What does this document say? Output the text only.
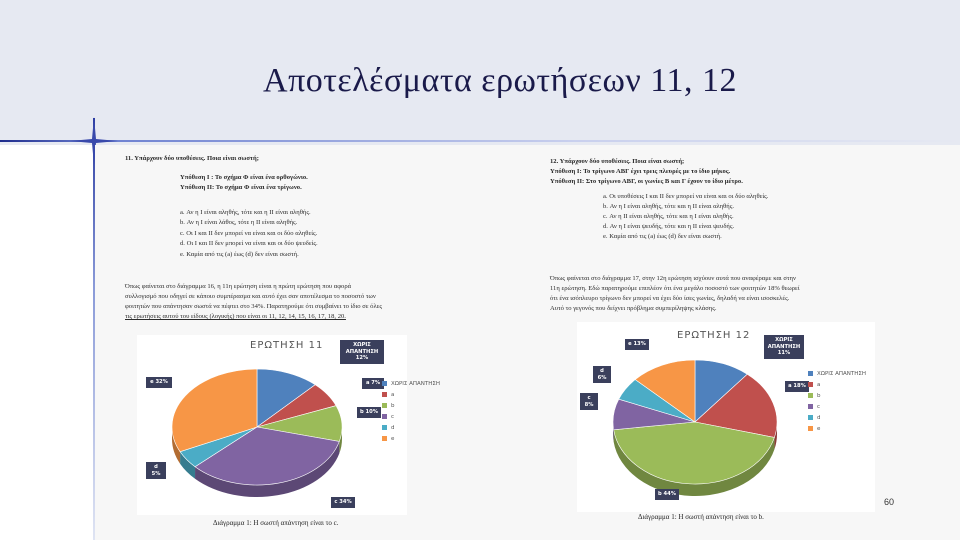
Αποτελέσματα ερωτήσεων 11, 12
11. Υπάρχουν δύο υποθέσεις. Ποια είναι σωστή;
Υπόθεση Ι : Το σχήμα Φ είναι ένα ορθογώνιο.
Υπόθεση ΙΙ: Το σχήμα Φ είναι ένα τρίγωνο.
a. Αν η Ι είναι αληθής, τότε και η ΙΙ είναι αληθής.
b. Αν η Ι είναι λάθος, τότε η ΙΙ είναι αληθής.
c. Οι Ι και ΙΙ δεν μπορεί να είναι και οι δύο αληθείς.
d. Οι Ι και ΙΙ δεν μπορεί να είναι και οι δύο ψευδείς.
e. Καμία από τις (a) έως (d) δεν είναι σωστή.
Όπως φαίνεται στο διάγραμμα 16, η 11η ερώτηση είναι η πρώτη ερώτηση που αφορά
συλλογισμό που οδηγεί σε κάποιο συμπέρασμα και αυτό έχει σαν αποτέλεσμα το ποσοστό των
φοιτητών που απάντησαν σωστά να πέφτει στο 34%. Παρατηρούμε ότι συμβαίνει το ίδιο σε όλες
τις ερωτήσεις αυτού του είδους (λογικής) που είναι οι 11, 12, 14, 15, 16, 17, 18, 20.
12. Υπάρχουν δύο υποθέσεις. Ποια είναι σωστή;
Υπόθεση Ι: Το τρίγωνο ΑΒΓ έχει τρεις πλευρές με το ίδιο μήκος.
Υπόθεση ΙΙ: Στο τρίγωνο ΑΒΓ, οι γωνίες Β και Γ έχουν το ίδιο μέτρο.
a. Οι υποθέσεις Ι και ΙΙ δεν μπορεί να είναι και οι δύο αληθείς.
b. Αν η Ι είναι αληθής, τότε και η ΙΙ είναι αληθής.
c. Αν η ΙΙ είναι αληθής, τότε και η Ι είναι αληθής.
d. Αν η Ι είναι ψευδής, τότε και η ΙΙ είναι ψευδής.
e. Καμία από τις (a) έως (d) δεν είναι σωστή.
Όπως φαίνεται στο διάγραμμα 17, στην 12η ερώτηση ισχύουν αυτά που αναφέραμε και στην
11η ερώτηση. Εδώ παρατηρούμε επιπλέον ότι ένα μεγάλο ποσοστό των φοιτητών 18% θεωρεί
ότι ένα ισόπλευρο τρίγωνο δεν μπορεί να έχει δύο ίσες γωνίες, δηλαδή να είναι ισοσκελές.
Αυτό το γεγονός που δείχνει πρόβλημα συμπερίληψης κλάσης.
ΕΡΩΤΗΣΗ 11	ΧΩΡΙΣ ΑΠΑΝΤΗΣΗ 12%
a 7%
b 10%
c 34%
d 5%
e 32%	ΧΩΡΙΣ ΑΠΑΝΤΗΣΗ
a
b
c
d
e
Διάγραμμα 1: Η σωστή απάντηση είναι το c.
ΕΡΩΤΗΣΗ 12	ΧΩΡΙΣ ΑΠΑΝΤΗΣΗ 11%
a 18%
b 44%
c 8%
d 6%
e 13%
ΧΩΡΙΣ ΑΠΑΝΤΗΣΗ
a
b
c
d
e
Διάγραμμα 1: Η σωστή απάντηση είναι το b.
60
